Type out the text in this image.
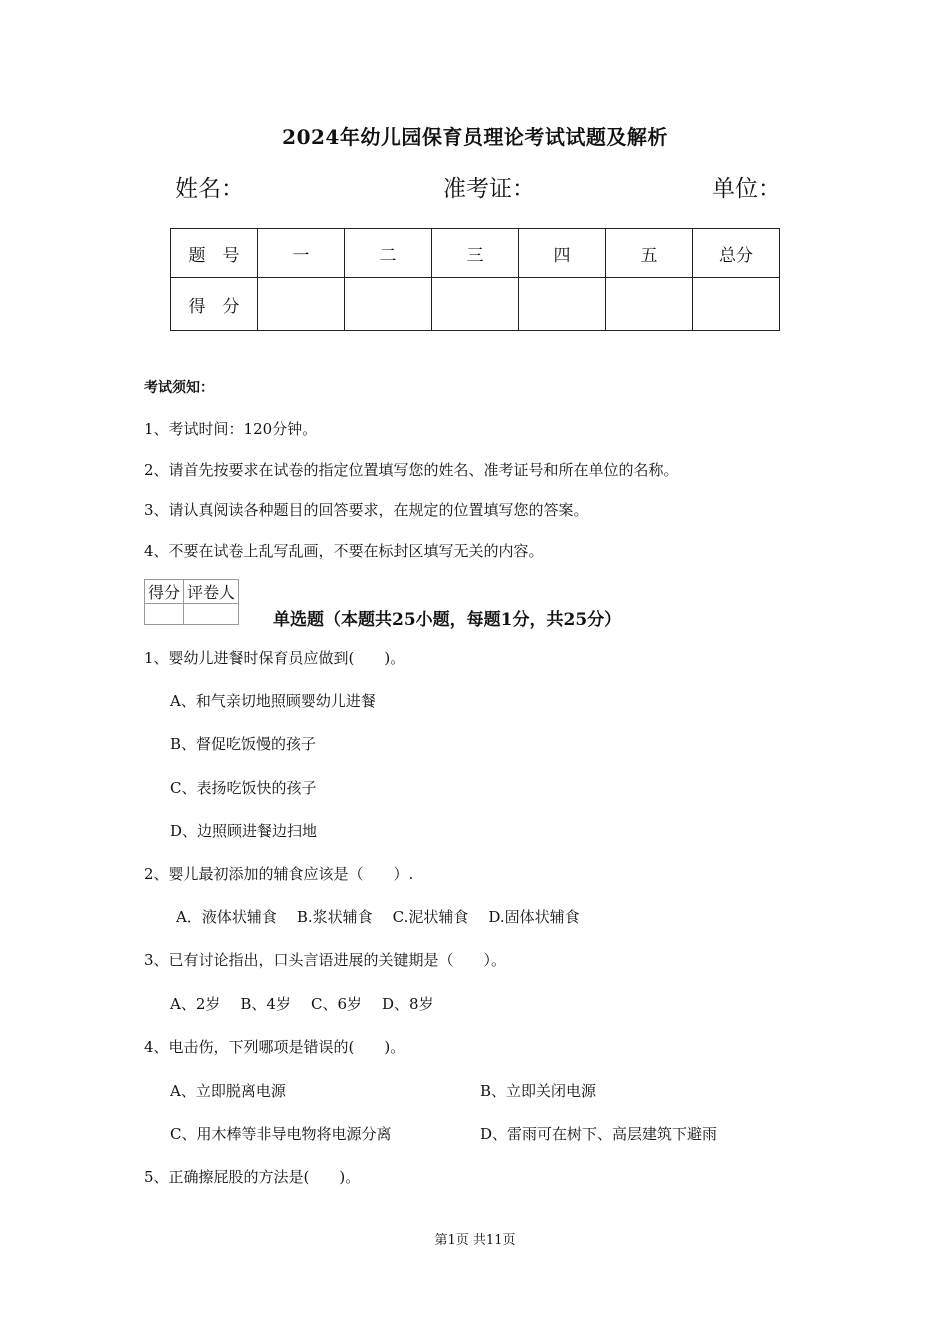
2024年幼儿园保育员理论考试试题及解析
姓名：	准考证：	单位：
题　号	一	二	三	四	五	总分
得　分						
考试须知：
1、考试时间：120分钟。
2、请首先按要求在试卷的指定位置填写您的姓名、准考证号和所在单位的名称。
3、请认真阅读各种题目的回答要求，在规定的位置填写您的答案。
4、不要在试卷上乱写乱画，不要在标封区填写无关的内容。
得分	评卷人

单选题（本题共25小题，每题1分，共25分）
1、婴幼儿进餐时保育员应做到(　　)。
A、和气亲切地照顾婴幼儿进餐
B、督促吃饭慢的孩子
C、表扬吃饭快的孩子
D、边照顾进餐边扫地
2、婴儿最初添加的辅食应该是（　　）.
A．液体状辅食 B.浆状辅食 C.泥状辅食 D.固体状辅食
3、已有讨论指出，口头言语进展的关键期是（　　）。
A、2岁 B、4岁 C、6岁 D、8岁
4、电击伤，下列哪项是错误的(　　)。
A、立即脱离电源	B、立即关闭电源
C、用木棒等非导电物将电源分离	D、雷雨可在树下、高层建筑下避雨
5、正确擦屁股的方法是(　　)。
第1页 共11页
